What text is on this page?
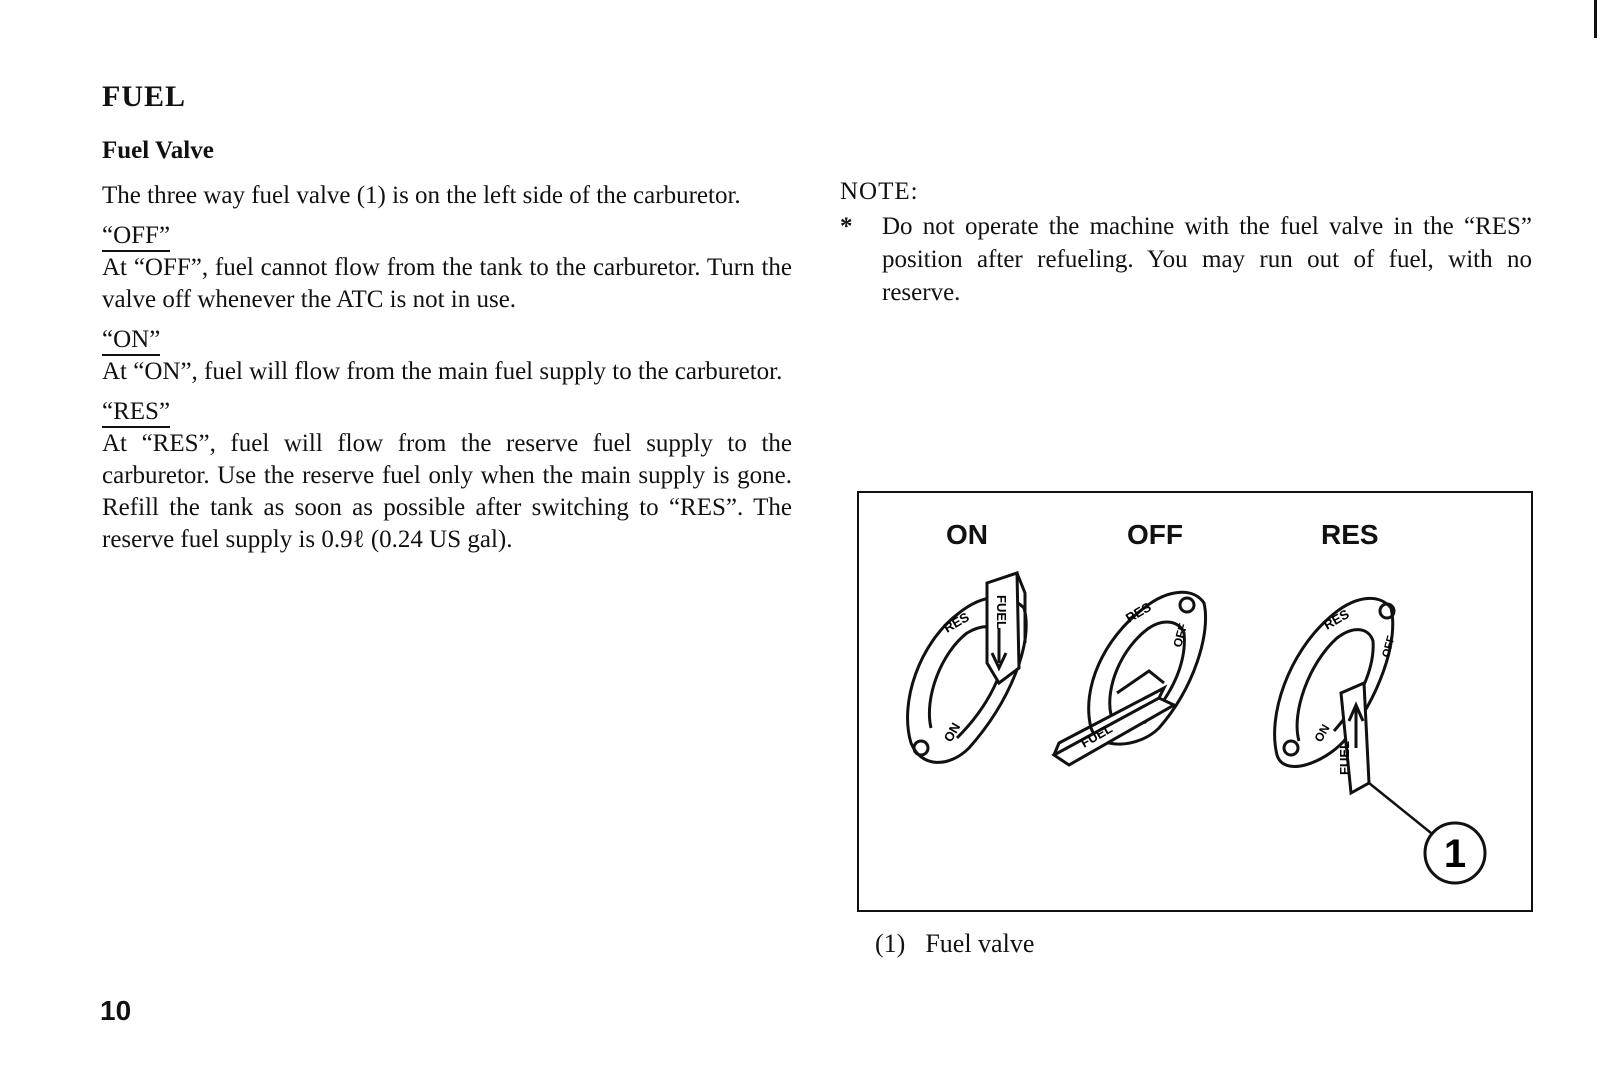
FUEL
Fuel Valve

The three way fuel valve (1) is on the left side of the carburetor.

“OFF”

At “OFF”, fuel cannot flow from the tank to the carburetor. Turn the valve off whenever the ATC is not in use.

“ON”

At “ON”, fuel will flow from the main fuel supply to the carburetor.

“RES”

At “RES”, fuel will flow from the reserve fuel supply to the carburetor. Use the reserve fuel only when the main supply is gone. Refill the tank as soon as possible after switching to “RES”. The reserve fuel supply is 0.9ℓ (0.24 US gal).

NOTE:
* Do not operate the machine with the fuel valve in the “RES” position after refueling. You may run out of fuel, with no reserve.
ON	OFF	RES
FUEL
RES
ON	FUEL
RES
OFF
FUEL
RES
OFF
ON
1
(1) Fuel valve
10
